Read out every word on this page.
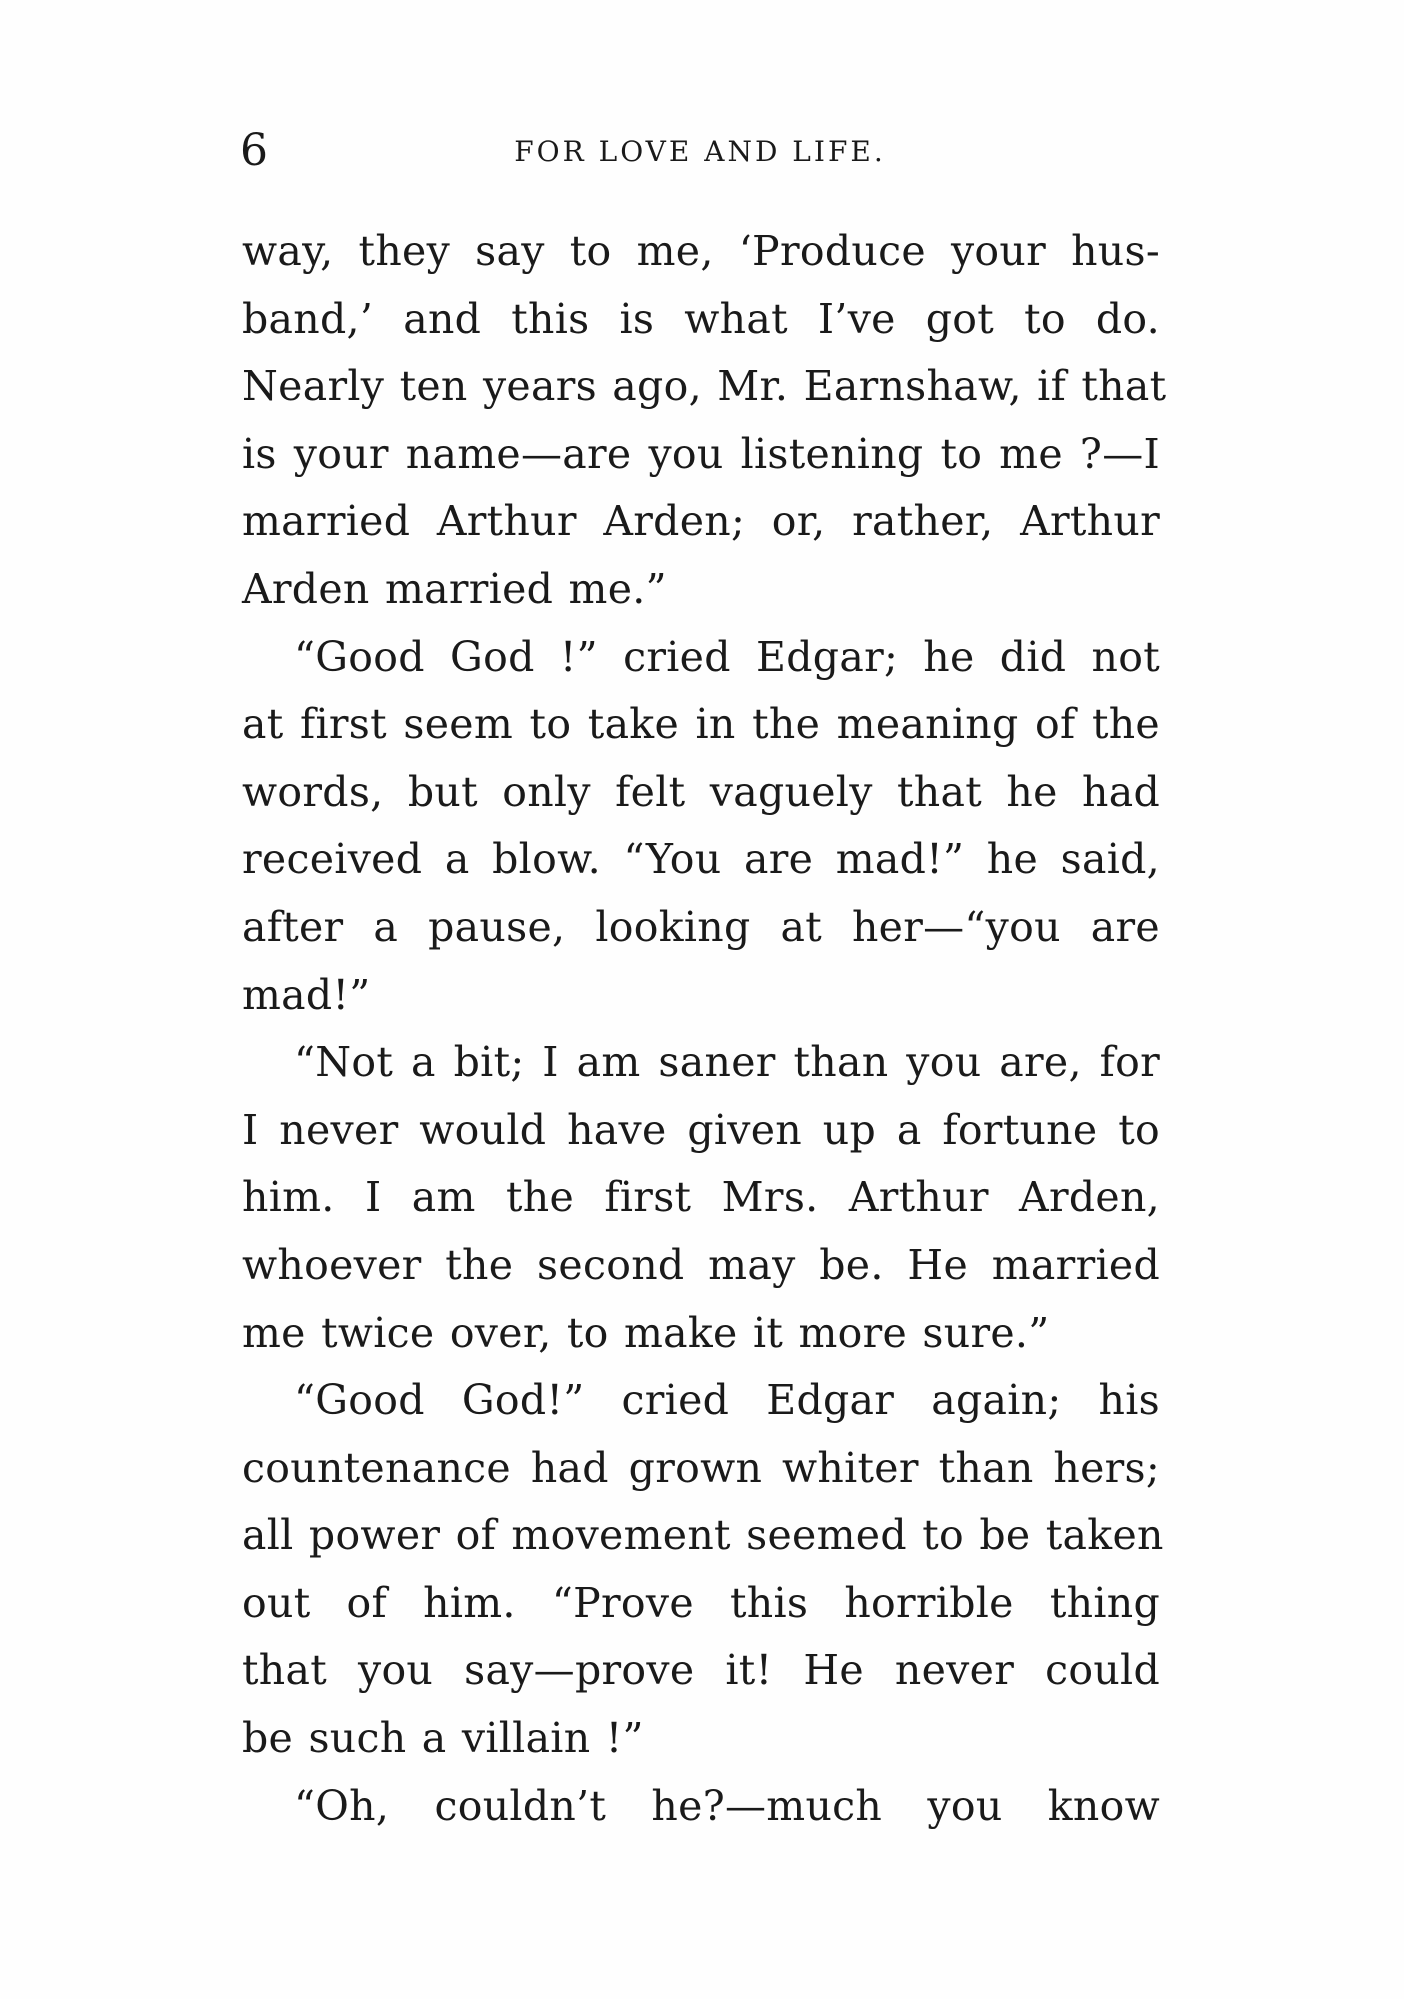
6	FOR LOVE AND LIFE.

way, they say to me, ‘Produce your hus-
band,’ and this is what I’ve got to do.
Nearly ten years ago, Mr. Earnshaw, if that
is your name—are you listening to me ?—I
married Arthur Arden; or, rather, Arthur
Arden married me.”

“Good God !” cried Edgar; he did not
at first seem to take in the meaning of the
words, but only felt vaguely that he had
received a blow. “You are mad!” he said,
after a pause, looking at her—“you are
mad!”

“Not a bit; I am saner than you are, for
I never would have given up a fortune to
him. I am the first Mrs. Arthur Arden,
whoever the second may be. He married
me twice over, to make it more sure.”

“Good God!” cried Edgar again; his
countenance had grown whiter than hers;
all power of movement seemed to be taken
out of him. “Prove this horrible thing
that you say—prove it! He never could
be such a villain !”

“Oh, couldn’t he?—much you know
